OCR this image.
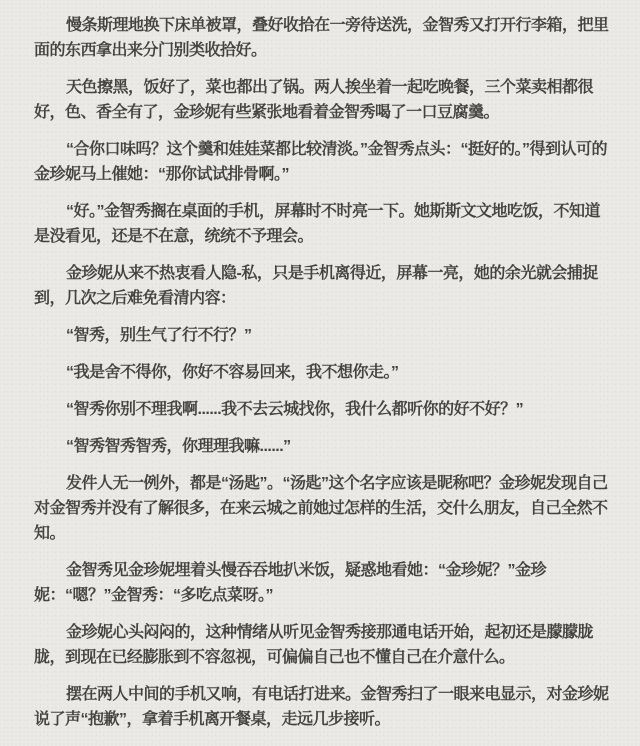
慢条斯理地换下床单被罩，叠好收拾在一旁待送洗，金智秀又打开行李箱，把里面的东西拿出来分门别类收拾好。

天色擦黑，饭好了，菜也都出了锅。两人挨坐着一起吃晚餐，三个菜卖相都很好，色、香全有了，金珍妮有些紧张地看着金智秀喝了一口豆腐羹。

“合你口味吗？这个羹和娃娃菜都比较清淡。”金智秀点头：“挺好的。”得到认可的金珍妮马上催她：“那你试试排骨啊。”

“好。”金智秀搁在桌面的手机，屏幕时不时亮一下。她斯斯文文地吃饭，不知道是没看见，还是不在意，统统不予理会。

金珍妮从来不热衷看人隐-私，只是手机离得近，屏幕一亮，她的余光就会捕捉到，几次之后难免看清内容：

“智秀，别生气了行不行？”

“我是舍不得你，你好不容易回来，我不想你走。”

“智秀你别不理我啊......我不去云城找你，我什么都听你的好不好？”

“智秀智秀智秀，你理理我嘛......”

发件人无一例外，都是“汤匙”。“汤匙”这个名字应该是昵称吧？金珍妮发现自己对金智秀并没有了解很多，在来云城之前她过怎样的生活，交什么朋友，自己全然不知。

金智秀见金珍妮埋着头慢吞吞地扒米饭，疑惑地看她：“金珍妮？”金珍妮：“嗯？”金智秀：“多吃点菜呀。”

金珍妮心头闷闷的，这种情绪从听见金智秀接那通电话开始，起初还是朦朦胧胧，到现在已经膨胀到不容忽视，可偏偏自己也不懂自己在介意什么。

摆在两人中间的手机又响，有电话打进来。金智秀扫了一眼来电显示，对金珍妮说了声“抱歉”，拿着手机离开餐桌，走远几步接听。
